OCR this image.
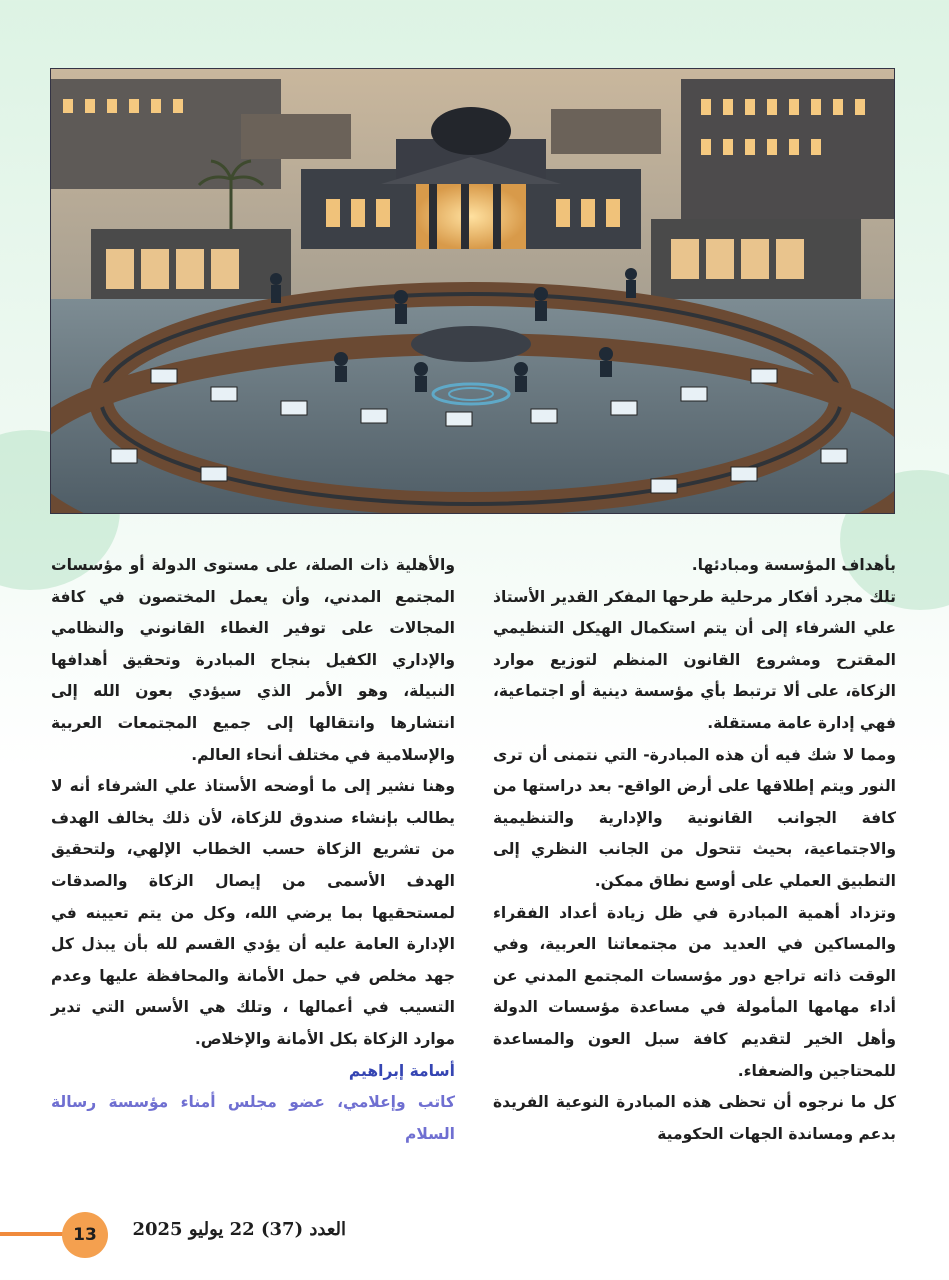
بأهداف المؤسسة ومبادئها.

تلك مجرد أفكار مرحلية طرحها المفكر القدير الأستاذ علي الشرفاء إلى أن يتم استكمال الهيكل التنظيمي المقترح ومشروع القانون المنظم لتوزيع موارد الزكاة، على ألا ترتبط بأي مؤسسة دينية أو اجتماعية، فهي إدارة عامة مستقلة.

ومما لا شك فيه أن هذه المبادرة- التي نتمنى أن ترى النور ويتم إطلاقها على أرض الواقع- بعد دراستها من كافة الجوانب القانونية والإدارية والتنظيمية والاجتماعية، بحيث تتحول من الجانب النظري إلى التطبيق العملي على أوسع نطاق ممكن.

وتزداد أهمية المبادرة في ظل زيادة أعداد الفقراء والمساكين في العديد من مجتمعاتنا العربية، وفي الوقت ذاته تراجع دور مؤسسات المجتمع المدني عن أداء مهامها المأمولة في مساعدة مؤسسات الدولة وأهل الخير لتقديم كافة سبل العون والمساعدة للمحتاجين والضعفاء.

كل ما نرجوه أن تحظى هذه المبادرة النوعية الفريدة بدعم ومساندة الجهات الحكومية

والأهلية ذات الصلة، على مستوى الدولة أو مؤسسات المجتمع المدني، وأن يعمل المختصون في كافة المجالات على توفير الغطاء القانوني والنظامي والإداري الكفيل بنجاح المبادرة وتحقيق أهدافها النبيلة، وهو الأمر الذي سيؤدي بعون الله إلى انتشارها وانتقالها إلى جميع المجتمعات العربية والإسلامية في مختلف أنحاء العالم.

وهنا نشير إلى ما أوضحه الأستاذ علي الشرفاء أنه لا يطالب بإنشاء صندوق للزكاة، لأن ذلك يخالف الهدف من تشريع الزكاة حسب الخطاب الإلهي، ولتحقيق الهدف الأسمى من إيصال الزكاة والصدقات لمستحقيها بما يرضي الله، وكل من يتم تعيينه في الإدارة العامة عليه أن يؤدي القسم لله بأن يبذل كل جهد مخلص في حمل الأمانة والمحافظة عليها وعدم التسيب في أعمالها ، وتلك هي الأسس التي تدير موارد الزكاة بكل الأمانة والإخلاص.

أسامة إبراهيم

كاتب وإعلامي، عضو مجلس أمناء مؤسسة رسالة السلام

13	العدد (37) 22 يوليو 2025
